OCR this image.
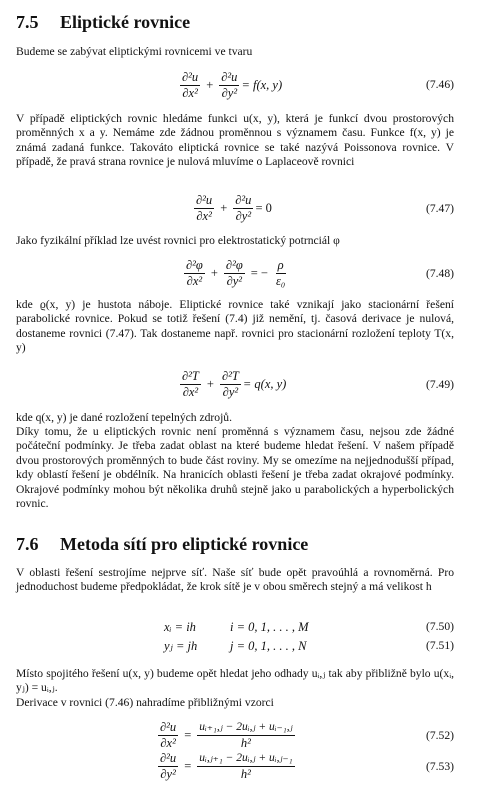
7.5 Eliptické rovnice

Budeme se zabývat eliptickými rovnicemi ve tvaru

$\frac{\text{∂²u}}{\text{∂x²}} + \frac{\text{∂²u}}{\text{∂y²}} = f(x$, y)	(7.46)

V případě eliptických rovnic hledáme funkci u(x, y), která je funkcí dvou prostorových proměnných x a y. Nemáme zde žádnou proměnnou s významem času. Funkce f(x, y) je známá zadaná funkce. Takováto eliptická rovnice se také nazývá Poissonova rovnice. V případě, že pravá strana rovnice je nulová mluvíme o Laplaceově rovnici

$\frac{\text{∂²u}}{\text{∂x²}} + \frac{\text{∂²u}}{\text{∂y²}} = 0$	(7.47)

Jako fyzikální příklad lze uvést rovnici pro elektrostatický potrnciál φ

$\frac{\text{∂²φ}}{\text{∂x²}} + \frac{\text{∂²φ}}{\text{∂y²}}$ = − $\frac{\rho}{\text{ε₀}}$	(7.48)

kde ϱ(x, y) je hustota náboje. Eliptické rovnice také vznikají jako stacionární řešení parabolické rovnice. Pokud se totiž řešení (7.4) již nemění, tj. časová derivace je nulová, dostaneme rovnici (7.47). Tak dostaneme např. rovnici pro stacionární rozložení teploty T(x, y)

$\frac{\text{∂²T}}{\text{∂x²}} + \frac{\text{∂²T}}{\text{∂y²}} = q(x$, y)	(7.49)

kde q(x, y) je dané rozložení tepelných zdrojů.

Díky tomu, že u eliptických rovnic není proměnná s významem času, nejsou zde žádné počáteční podmínky. Je třeba zadat oblast na které budeme hledat řešení. V našem případě dvou prostorových proměnných to bude část roviny. My se omezíme na nejjednodušší případ, kdy oblastí řešení je obdélník. Na hranicích oblasti řešení je třeba zadat okrajové podmínky. Okrajové podmínky mohou být několika druhů stejně jako u parabolických a hyperbolických rovnic.

7.6 Metoda sítí pro eliptické rovnice

V oblasti řešení sestrojíme nejprve síť. Naše síť bude opět pravoúhlá a rovnoměrná. Pro jednoduchost budeme předpokládat, že krok sítě je v obou směrech stejný a má velikost h

xᵢ = ih	i = 0, 1, . . . , M	(7.50)
yⱼ = jh	j = 0, 1, . . . , N	(7.51)

Místo spojitého řešení u(x, y) budeme opět hledat jeho odhady uᵢ,ⱼ tak aby přibližně bylo u(xᵢ, yⱼ) = uᵢ,ⱼ.

Derivace v rovnici (7.46) nahradíme přibližnými vzorci

$\frac{\text{∂²u}}{\text{∂x²}} = \frac{\text{uᵢ₊₁,ⱼ − 2uᵢ,ⱼ + uᵢ₋₁,ⱼ}}{\text{h²}}$	(7.52)
$\frac{\text{∂²u}}{\text{∂y²}} = \frac{\text{uᵢ,ⱼ₊₁ − 2uᵢ,ⱼ + uᵢ,ⱼ₋₁}}{\text{h²}}$	(7.53)
